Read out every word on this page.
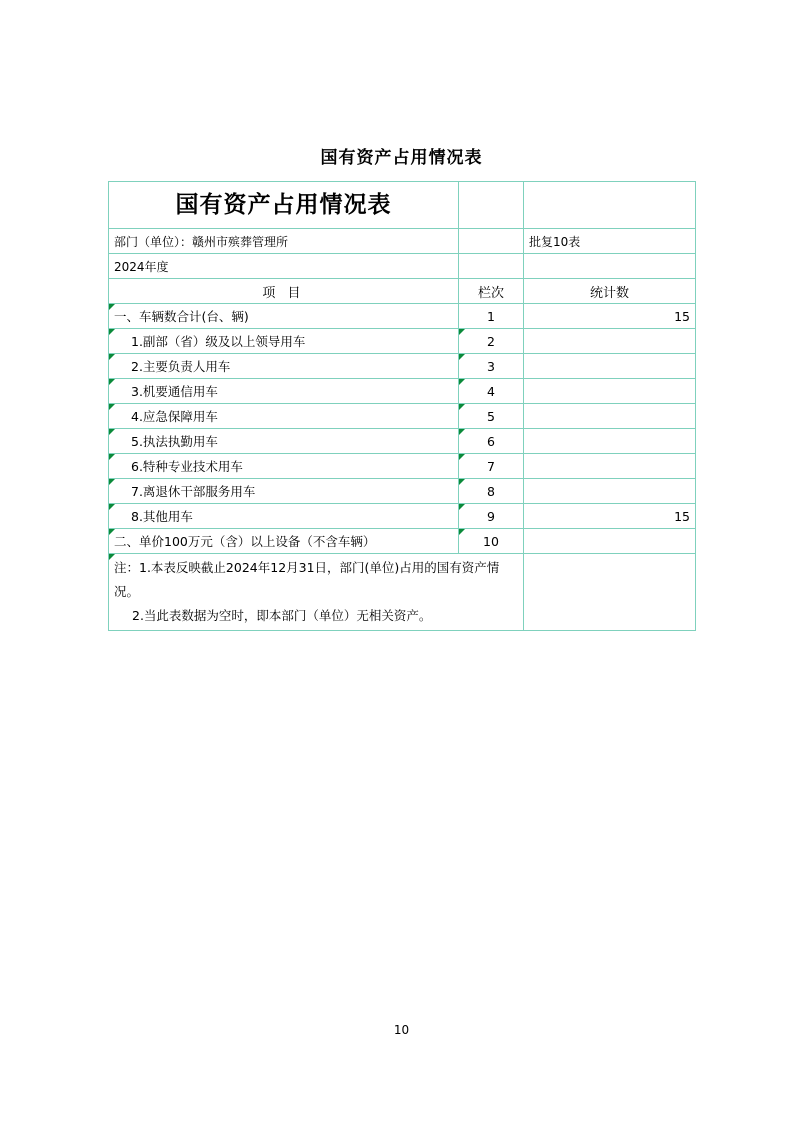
国有资产占用情况表
国有资产占用情况表		
部门（单位）：赣州市殡葬管理所		批复10表
2024年度		
项 目	栏次	统计数
一、车辆数合计(台、辆)	1	15
1.副部（省）级及以上领导用车	2	
2.主要负责人用车	3	
3.机要通信用车	4	
4.应急保障用车	5	
5.执法执勤用车	6	
6.特种专业技术用车	7	
7.离退休干部服务用车	8	
8.其他用车	9	15
二、单价100万元（含）以上设备（不含车辆）	10	

注：1.本表反映截止2024年12月31日，部门(单位)占用的国有资产情况。
2.当此表数据为空时，即本部门（单位）无相关资产。		

10
